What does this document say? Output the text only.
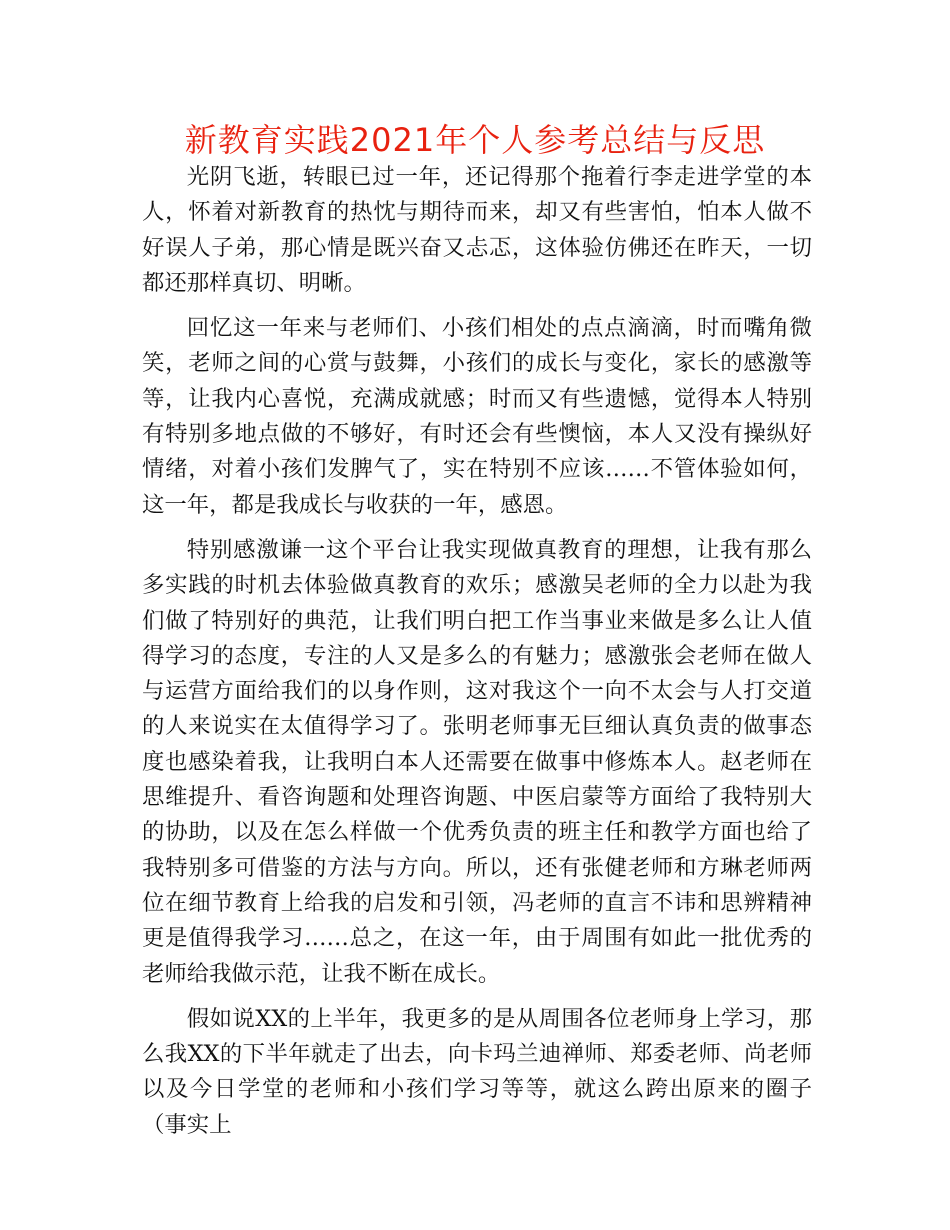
新教育实践2021年个人参考总结与反思

光阴飞逝，转眼已过一年，还记得那个拖着行李走进学堂的本人，怀着对新教育的热忱与期待而来，却又有些害怕，怕本人做不好误人子弟，那心情是既兴奋又忐忑，这体验仿佛还在昨天，一切都还那样真切、明晰。

回忆这一年来与老师们、小孩们相处的点点滴滴，时而嘴角微笑，老师之间的心赏与鼓舞，小孩们的成长与变化，家长的感激等等，让我内心喜悦，充满成就感；时而又有些遗憾，觉得本人特别有特别多地点做的不够好，有时还会有些懊恼，本人又没有操纵好情绪，对着小孩们发脾气了，实在特别不应该……不管体验如何，这一年，都是我成长与收获的一年，感恩。

特别感激谦一这个平台让我实现做真教育的理想，让我有那么多实践的时机去体验做真教育的欢乐；感激吴老师的全力以赴为我们做了特别好的典范，让我们明白把工作当事业来做是多么让人值得学习的态度，专注的人又是多么的有魅力；感激张会老师在做人与运营方面给我们的以身作则，这对我这个一向不太会与人打交道的人来说实在太值得学习了。张明老师事无巨细认真负责的做事态度也感染着我，让我明白本人还需要在做事中修炼本人。赵老师在思维提升、看咨询题和处理咨询题、中医启蒙等方面给了我特别大的协助，以及在怎么样做一个优秀负责的班主任和教学方面也给了我特别多可借鉴的方法与方向。所以，还有张健老师和方琳老师两位在细节教育上给我的启发和引领，冯老师的直言不讳和思辨精神更是值得我学习……总之，在这一年，由于周围有如此一批优秀的老师给我做示范，让我不断在成长。

假如说XX的上半年，我更多的是从周围各位老师身上学习，那么我XX的下半年就走了出去，向卡玛兰迪禅师、郑委老师、尚老师以及今日学堂的老师和小孩们学习等等，就这么跨出原来的圈子（事实上
